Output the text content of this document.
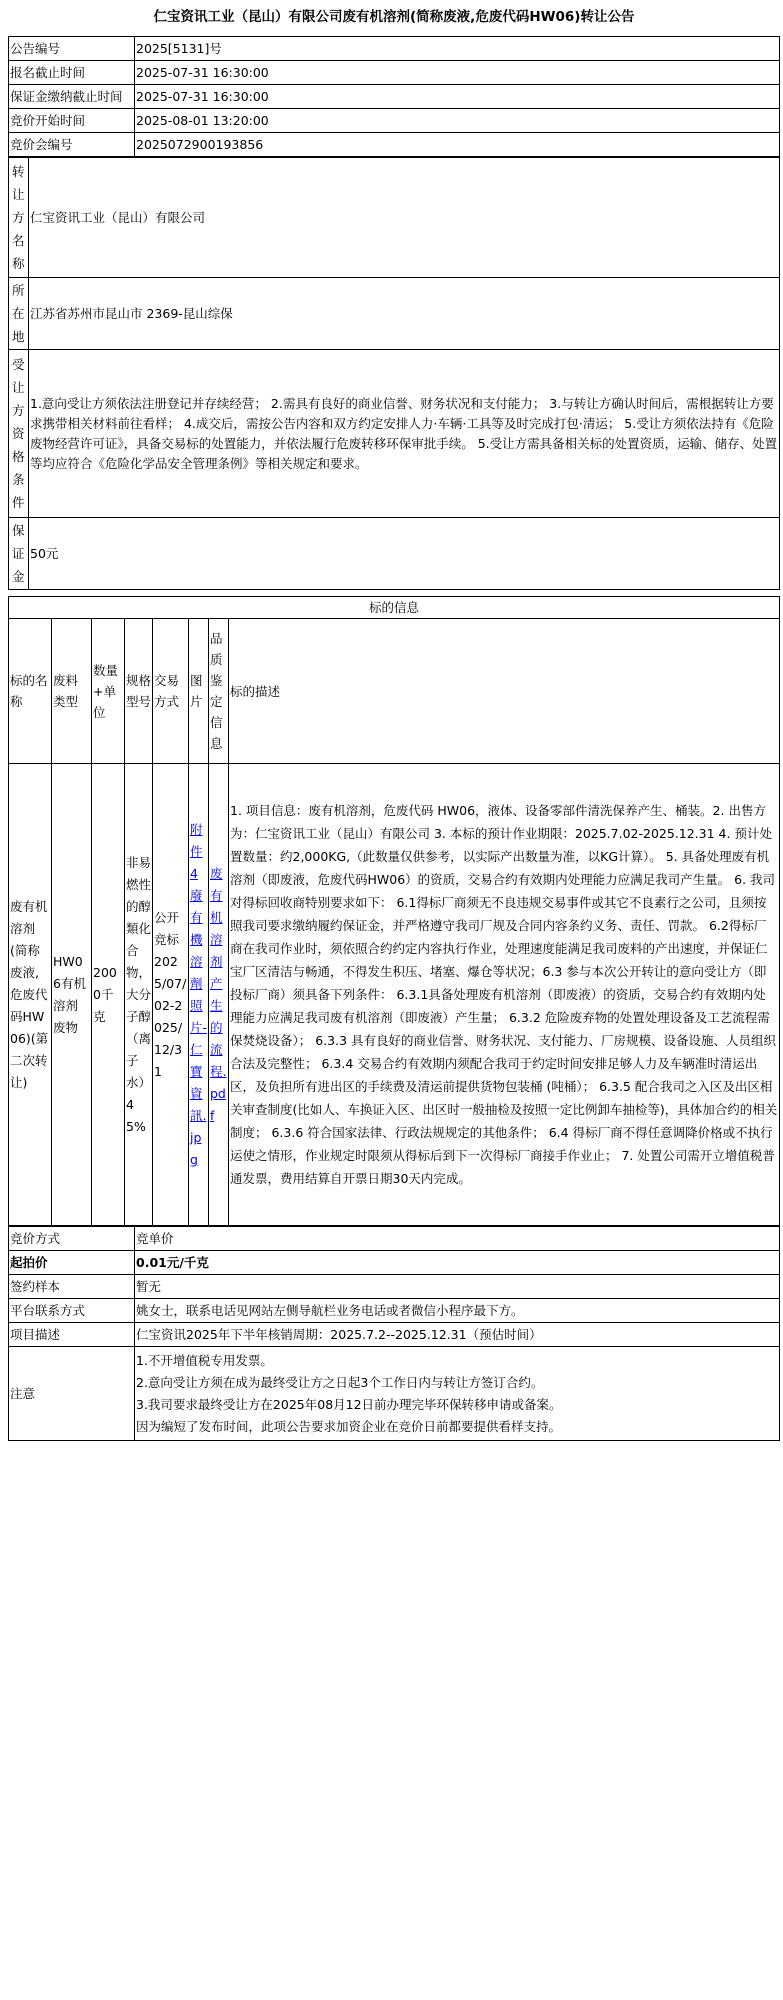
仁宝资讯工业（昆山）有限公司废有机溶剂(简称废液,危废代码HW06)转让公告
公告编号	2025[5131]号
报名截止时间	2025-07-31 16:30:00
保证金缴纳截止时间	2025-07-31 16:30:00
竞价开始时间	2025-08-01 13:20:00
竞价会编号	2025072900193856
转让方名称	仁宝资讯工业（昆山）有限公司
所在地	江苏省苏州市昆山市 2369-昆山综保
受让方资格条件	1.意向受让方须依法注册登记并存续经营； 2.需具有良好的商业信誉、财务状况和支付能力； 3.与转让方确认时间后，需根据转让方要求携带相关材料前往看样； 4.成交后，需按公告内容和双方约定安排人力·车辆·工具等及时完成打包·清运； 5.受让方须依法持有《危险废物经营许可证》，具备交易标的处置能力，并依法履行危废转移环保审批手续。 5.受让方需具备相关标的处置资质，运输、储存、处置等均应符合《危险化学品安全管理条例》等相关规定和要求。
保证金	50元
标的信息							
标的名称	废料类型	数量+单位	规格型号	交易方式	图片	品质鉴定信息	标的描述
废有机溶剂(简称废液,危废代码HW06)(第二次转让)	HW06有机溶剂废物	2000千克	非易燃性的醇類化合物，大分子醇（离子水）45%	公开竞标 2025/07/02-2025/12/31	附件4廢有機溶劑照片-仁寶資訊.jpg	废有机溶剂产生的流程.pdf	1. 项目信息：废有机溶剂，危废代码 HW06，液体、设备零部件清洗保养产生、桶装。2. 出售方为：仁宝资讯工业（昆山）有限公司 3. 本标的预计作业期限：2025.7.02-2025.12.31 4. 预计处置数量：约2,000KG,（此数量仅供参考，以实际产出数量为准，以KG计算）。 5. 具备处理废有机溶剂（即废液，危废代码HW06）的资质，交易合约有效期内处理能力应满足我司产生量。 6. 我司对得标回收商特别要求如下： 6.1得标厂商须无不良违规交易事件或其它不良素行之公司，且须按照我司要求缴纳履约保证金，并严格遵守我司厂规及合同内容条约义务、责任、罚款。 6.2得标厂商在我司作业时，须依照合约约定内容执行作业，处理速度能满足我司废料的产出速度，并保证仁宝厂区清洁与畅通，不得发生积压、堵塞、爆仓等状况；6.3 参与本次公开转让的意向受让方（即投标厂商）须具备下列条件： 6.3.1具备处理废有机溶剂（即废液）的资质，交易合约有效期内处理能力应满足我司废有机溶剂（即废液）产生量； 6.3.2 危险废弃物的处置处理设备及工艺流程需保焚烧设备）； 6.3.3 具有良好的商业信誉、财务状况、支付能力、厂房规模、设备设施、人员组织合法及完整性； 6.3.4 交易合约有效期内须配合我司于约定时间安排足够人力及车辆准时清运出区，及负担所有进出区的手续费及清运前提供货物包装桶 (吨桶）； 6.3.5 配合我司之入区及出区相关审查制度(比如人、车换证入区、出区时一般抽检及按照一定比例卸车抽检等)，具体加合约的相关制度； 6.3.6 符合国家法律、行政法规规定的其他条件； 6.4 得标厂商不得任意调降价格或不执行运使之情形，作业规定时限须从得标后到下一次得标厂商接手作业止； 7. 处置公司需开立增值税普通发票，费用结算自开票日期30天内完成。
竞价方式	竞单价
起拍价	0.01元/千克
签约样本	暂无
平台联系方式	姚女士，联系电话见网站左侧导航栏业务电话或者微信小程序最下方。
项目描述	仁宝资讯2025年下半年核销周期：2025.7.2--2025.12.31（预估时间）
注意	1.不开增值税专用发票。
2.意向受让方须在成为最终受让方之日起3个工作日内与转让方签订合约。
3.我司要求最终受让方在2025年08月12日前办理完毕环保转移申请或备案。
因为编短了发布时间，此项公告要求加资企业在竞价日前都要提供看样支持。
